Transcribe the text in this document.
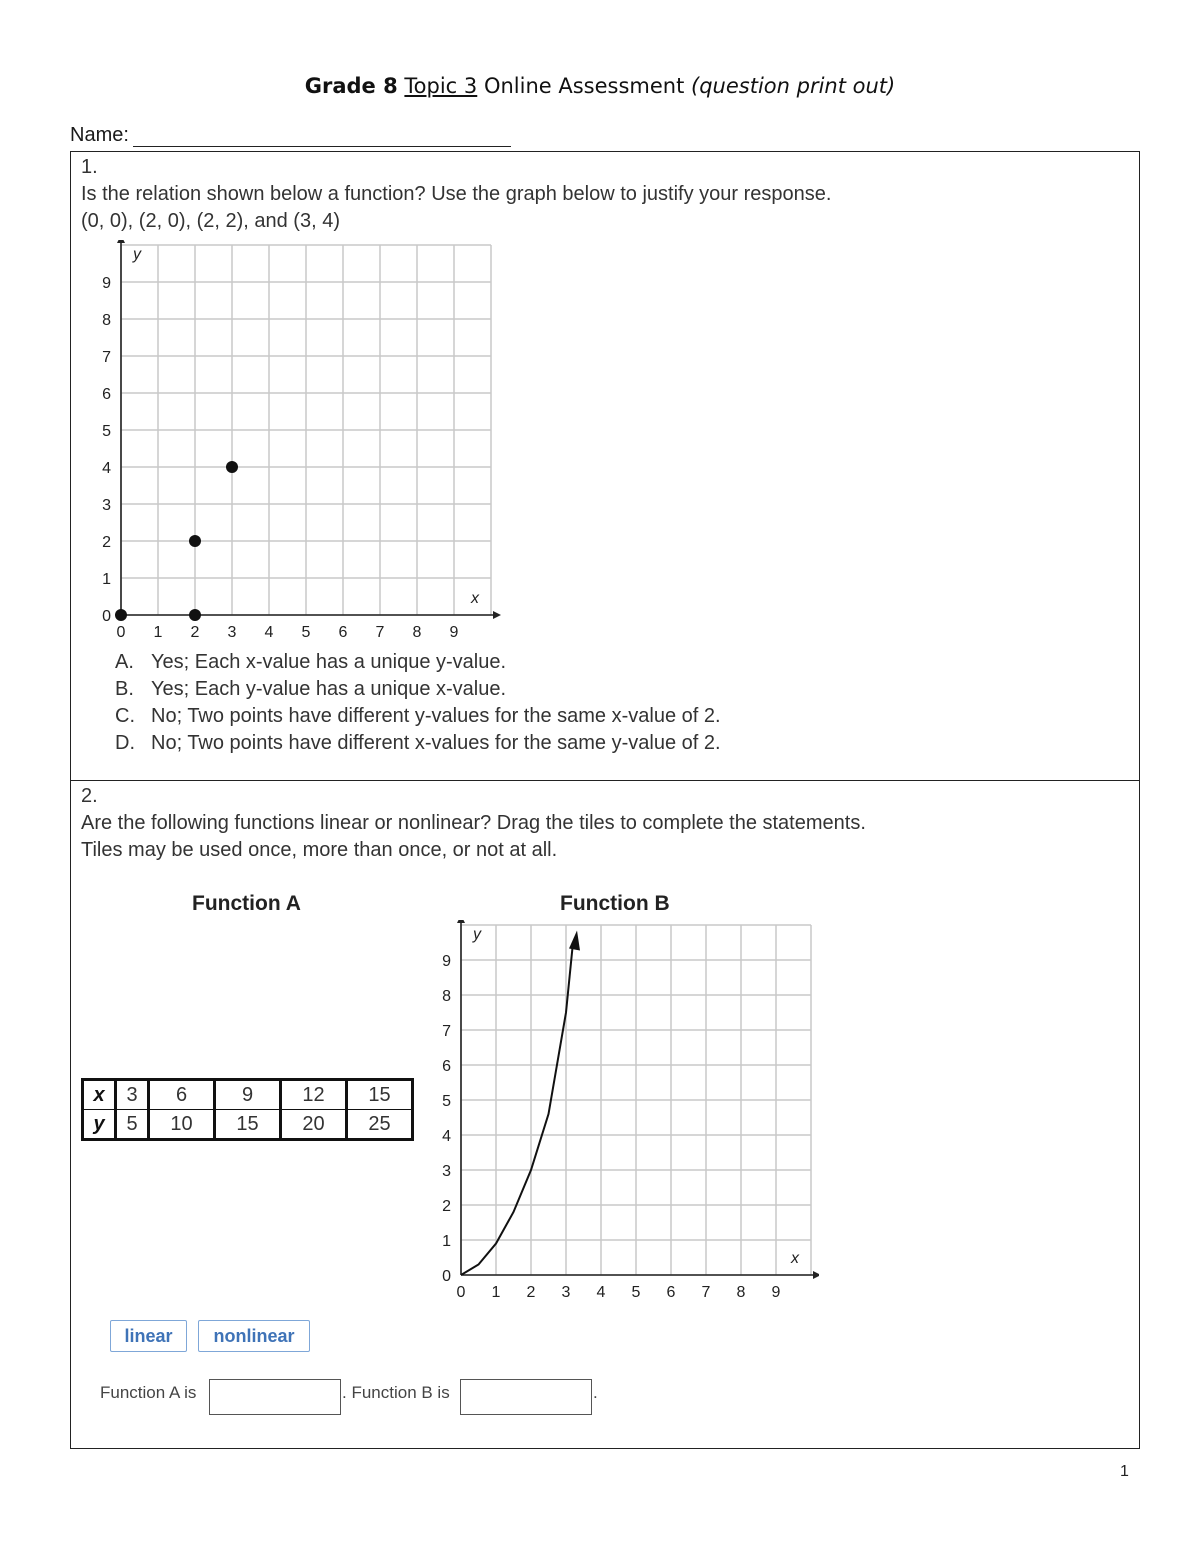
Grade 8 Topic 3 Online Assessment (question print out)
Name:
1.
Is the relation shown below a function? Use the graph below to justify your response.
(0, 0), (2, 0), (2, 2), and (3, 4)
0 1 2 3 4 5 6 7 8 9
0
1
2
3
4
5
6
7
8
9
x
y
A. Yes; Each x-value has a unique y-value.
B. Yes; Each y-value has a unique x-value.
C. No; Two points have different y-values for the same x-value of 2.
D. No; Two points have different x-values for the same y-value of 2.
2.
Are the following functions linear or nonlinear? Drag the tiles to complete the statements.
Tiles may be used once, more than once, or not at all.
Function A	Function B
x	3	6	9	12	15
y	5	10	15	20	25
0 1 2 3 4 5 6 7 8 9
0
1
2
3
4
5
6
7
8
9
x
y
linear	nonlinear
Function A is	. Function B is	.
1
